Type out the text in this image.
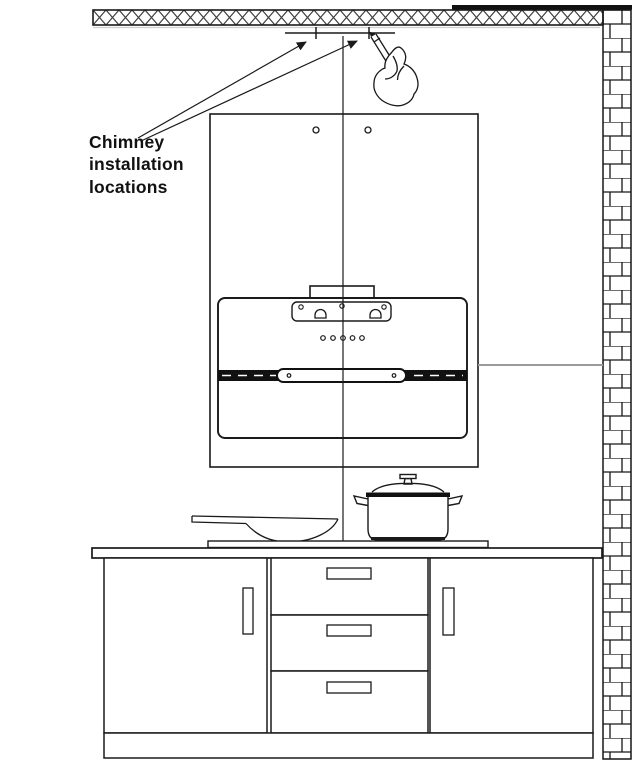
Chimney installation locations
